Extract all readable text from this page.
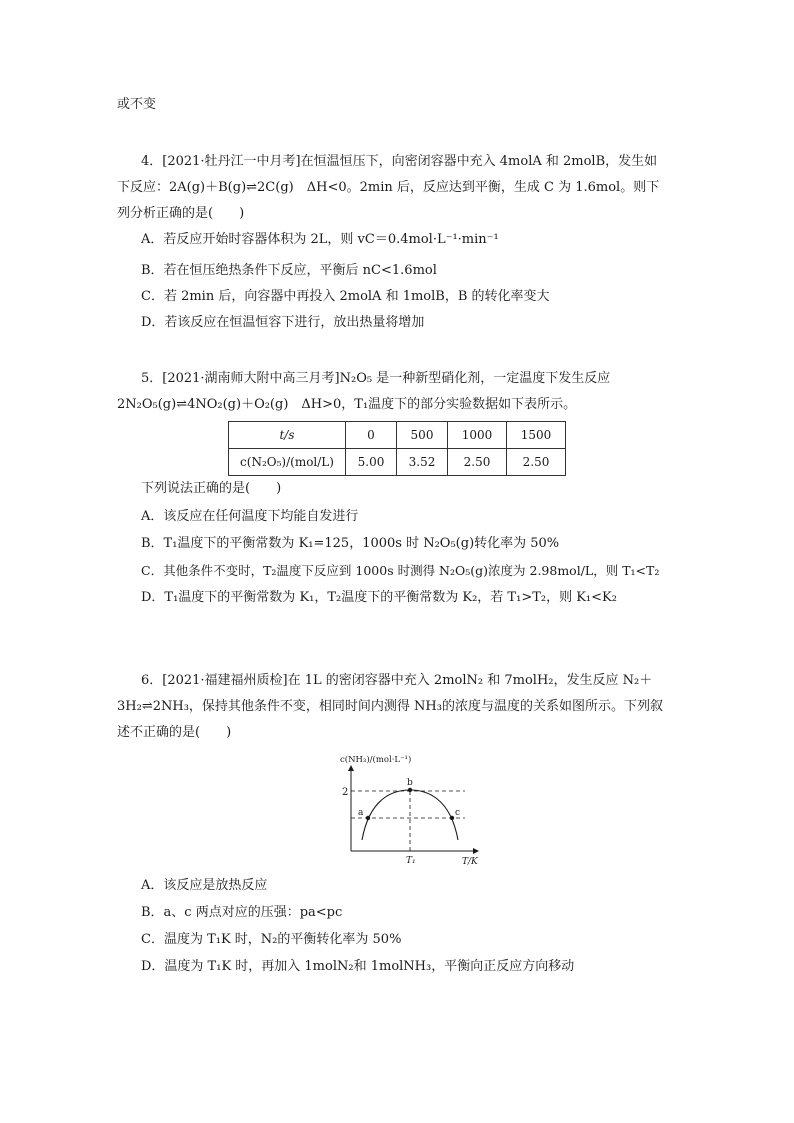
或不变
4．[2021·牡丹江一中月考]在恒温恒压下，向密闭容器中充入 4molA 和 2molB，发生如
下反应：2A(g)＋B(g)⇌2C(g)　ΔH<0。2min 后，反应达到平衡，生成 C 为 1.6mol。则下
列分析正确的是(　　)
A．若反应开始时容器体积为 2L，则 vC＝0.4mol·L⁻¹·min⁻¹
B．若在恒压绝热条件下反应，平衡后 nC<1.6mol
C．若 2min 后，向容器中再投入 2molA 和 1molB，B 的转化率变大
D．若该反应在恒温恒容下进行，放出热量将增加
5．[2021·湖南师大附中高三月考]N₂O₅ 是一种新型硝化剂，一定温度下发生反应
2N₂O₅(g)⇌4NO₂(g)＋O₂(g)　ΔH>0，T₁温度下的部分实验数据如下表所示。
t/s	0	500	1000	1500
c(N₂O₅)/(mol/L)	5.00	3.52	2.50	2.50
下列说法正确的是(　　)
A．该反应在任何温度下均能自发进行
B．T₁温度下的平衡常数为 K₁=125，1000s 时 N₂O₅(g)转化率为 50%
C．其他条件不变时，T₂温度下反应到 1000s 时测得 N₂O₅(g)浓度为 2.98mol/L，则 T₁<T₂
D．T₁温度下的平衡常数为 K₁，T₂温度下的平衡常数为 K₂，若 T₁>T₂，则 K₁<K₂
6．[2021·福建福州质检]在 1L 的密闭容器中充入 2molN₂ 和 7molH₂，发生反应 N₂＋
3H₂⇌2NH₃，保持其他条件不变，相同时间内测得 NH₃的浓度与温度的关系如图所示。下列叙
述不正确的是(　　)
c(NH₃)/(mol·L⁻¹)
T/K
2
T₁
a
b
c
A．该反应是放热反应
B．a、c 两点对应的压强：pa<pc
C．温度为 T₁K 时，N₂的平衡转化率为 50%
D．温度为 T₁K 时，再加入 1molN₂和 1molNH₃，平衡向正反应方向移动
